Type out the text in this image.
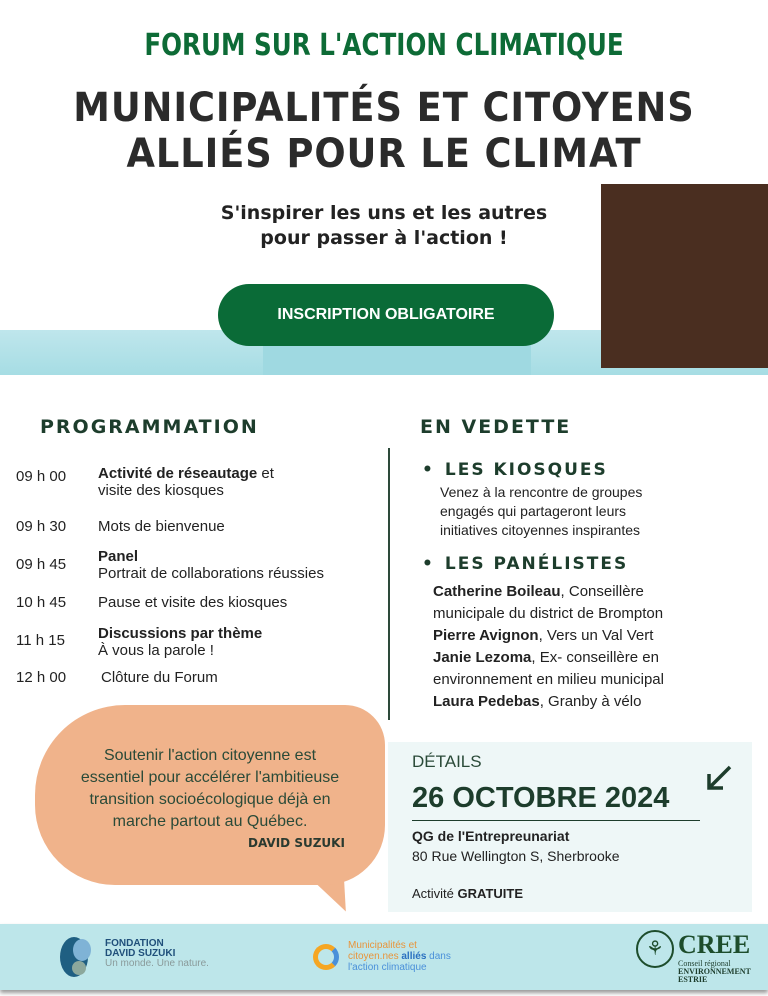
FORUM SUR L'ACTION CLIMATIQUE
MUNICIPALITÉS ET CITOYENS
ALLIÉS POUR LE CLIMAT
S'inspirer les uns et les autres
pour passer à l'action !
INSCRIPTION OBLIGATOIRE
PROGRAMMATION
09 h 00 Activité de réseautage et
visite des kiosques
09 h 30 Mots de bienvenue
09 h 45 Panel
Portrait de collaborations réussies
10 h 45 Pause et visite des kiosques
11 h 15 Discussions par thème
À vous la parole !
12 h 00 Clôture du Forum
EN VEDETTE
• LES KIOSQUES
Venez à la rencontre de groupes
engagés qui partageront leurs
initiatives citoyennes inspirantes
• LES PANÉLISTES
Catherine Boileau, Conseillère
municipale du district de Brompton
Pierre Avignon, Vers un Val Vert
Janie Lezoma, Ex- conseillère en
environnement en milieu municipal
Laura Pedebas, Granby à vélo
Soutenir l'action citoyenne est
essentiel pour accélérer l'ambitieuse
transition socioécologique déjà en
marche partout au Québec.
DAVID SUZUKI
DÉTAILS
26 OCTOBRE 2024
QG de l'Entrepreunariat
80 Rue Wellington S, Sherbrooke
Activité GRATUITE
FONDATION
DAVID SUZUKI
Un monde. Une nature.
Municipalités et
citoyen.nes alliés dans
l'action climatique
⚘ CREE
Conseil régional
ENVIRONNEMENT
ESTRIE
